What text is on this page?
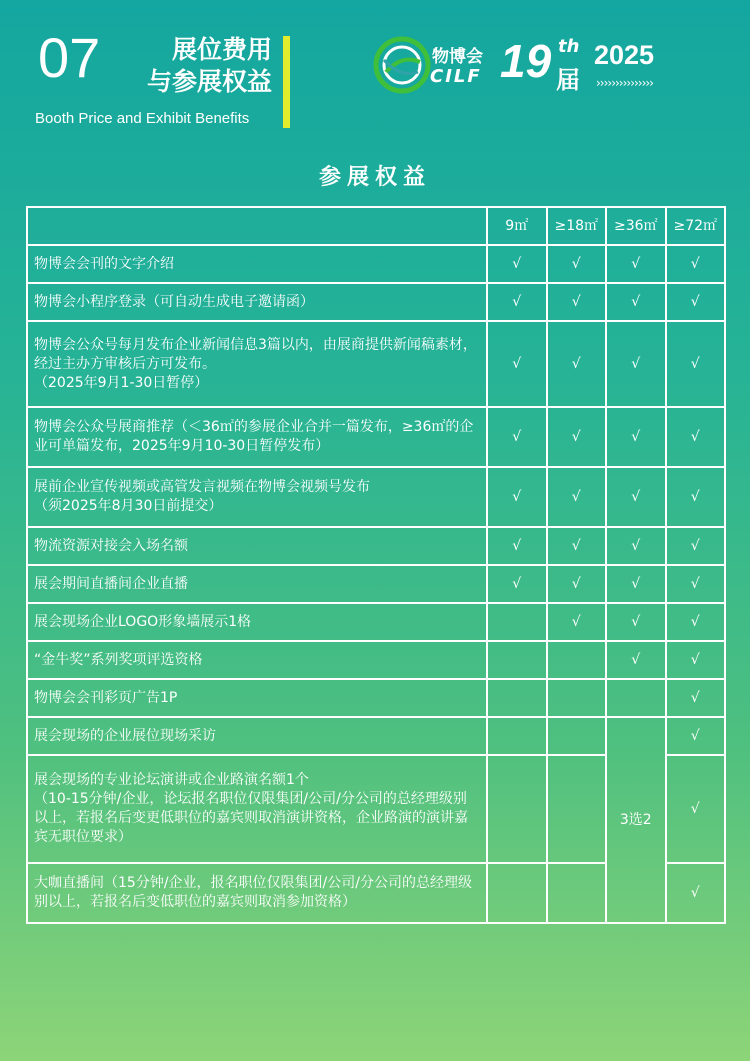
07	展位费用
与参展权益
Booth Price and Exhibit Benefits
物博会
CILF 19 th
届
2025
›››››››››››››››
参展权益
	9㎡	≥18㎡	≥36㎡	≥72㎡
物博会会刊的文字介绍	√	√	√	√
物博会小程序登录（可自动生成电子邀请函）	√	√	√	√
物博会公众号每月发布企业新闻信息3篇以内，由展商提供新闻稿素材，经过主办方审核后方可发布。
（2025年9月1-30日暂停）	√	√	√	√
物博会公众号展商推荐（＜36㎡的参展企业合并一篇发布，≥36㎡的企业可单篇发布，2025年9月10-30日暂停发布）	√	√	√	√
展前企业宣传视频或高管发言视频在物博会视频号发布
（须2025年8月30日前提交）	√	√	√	√
物流资源对接会入场名额	√	√	√	√
展会期间直播间企业直播	√	√	√	√
展会现场企业LOGO形象墙展示1格		√	√	√
“金牛奖”系列奖项评选资格			√	√
物博会会刊彩页广告1P				√
展会现场的企业展位现场采访			3选2	√
展会现场的专业论坛演讲或企业路演名额1个
（10-15分钟/企业，论坛报名职位仅限集团/公司/分公司的总经理级别以上，若报名后变更低职位的嘉宾则取消演讲资格，企业路演的演讲嘉宾无职位要求）				√
大咖直播间（15分钟/企业，报名职位仅限集团/公司/分公司的总经理级别以上，若报名后变低职位的嘉宾则取消参加资格）				√
